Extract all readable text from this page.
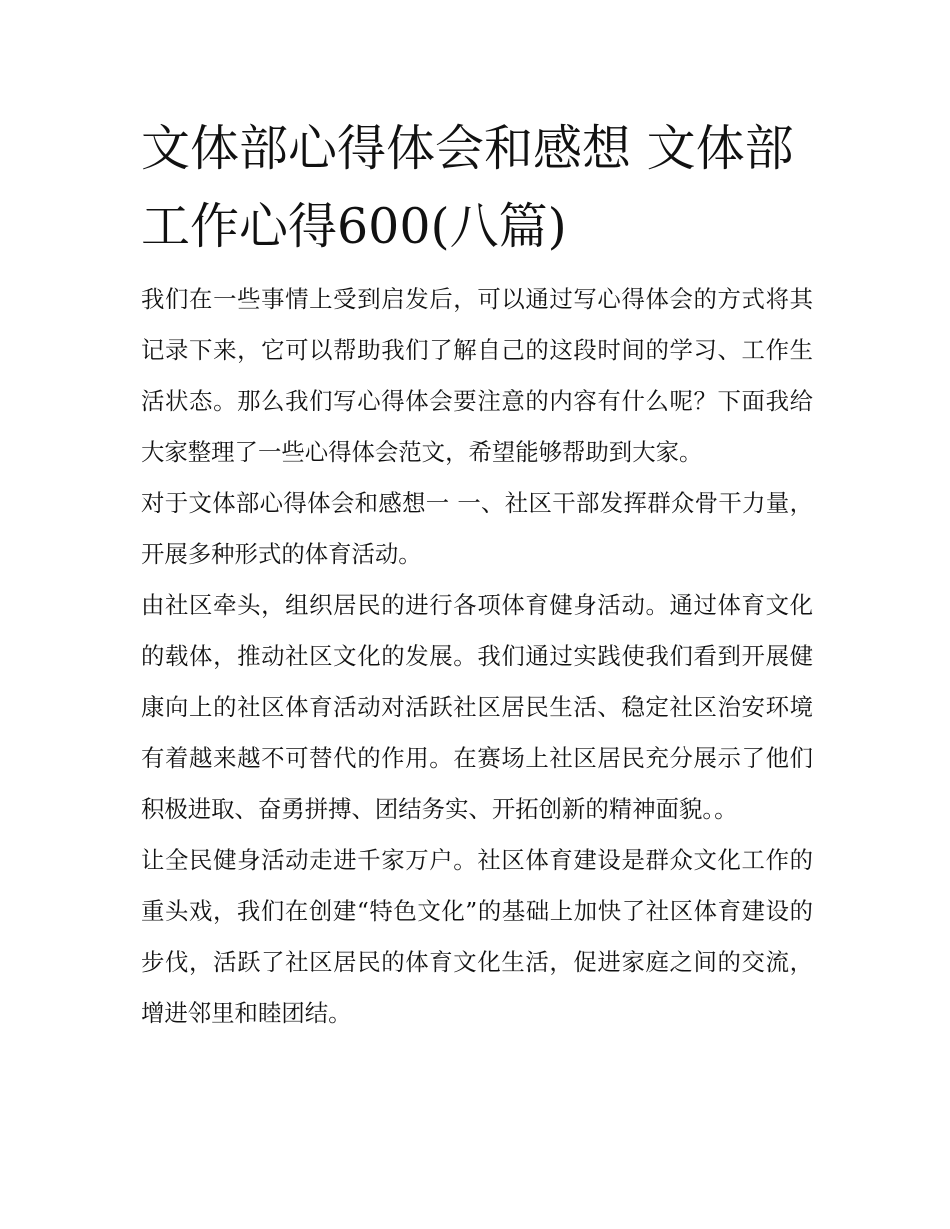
文体部心得体会和感想 文体部工作心得600(八篇)

我们在一些事情上受到启发后，可以通过写心得体会的方式将其记录下来，它可以帮助我们了解自己的这段时间的学习、工作生活状态。那么我们写心得体会要注意的内容有什么呢？下面我给大家整理了一些心得体会范文，希望能够帮助到大家。

对于文体部心得体会和感想一 一、社区干部发挥群众骨干力量，开展多种形式的体育活动。

由社区牵头，组织居民的进行各项体育健身活动。通过体育文化的载体，推动社区文化的发展。我们通过实践使我们看到开展健康向上的社区体育活动对活跃社区居民生活、稳定社区治安环境有着越来越不可替代的作用。在赛场上社区居民充分展示了他们积极进取、奋勇拼搏、团结务实、开拓创新的精神面貌。。

让全民健身活动走进千家万户。社区体育建设是群众文化工作的重头戏，我们在创建“特色文化”的基础上加快了社区体育建设的步伐，活跃了社区居民的体育文化生活，促进家庭之间的交流，增进邻里和睦团结。
